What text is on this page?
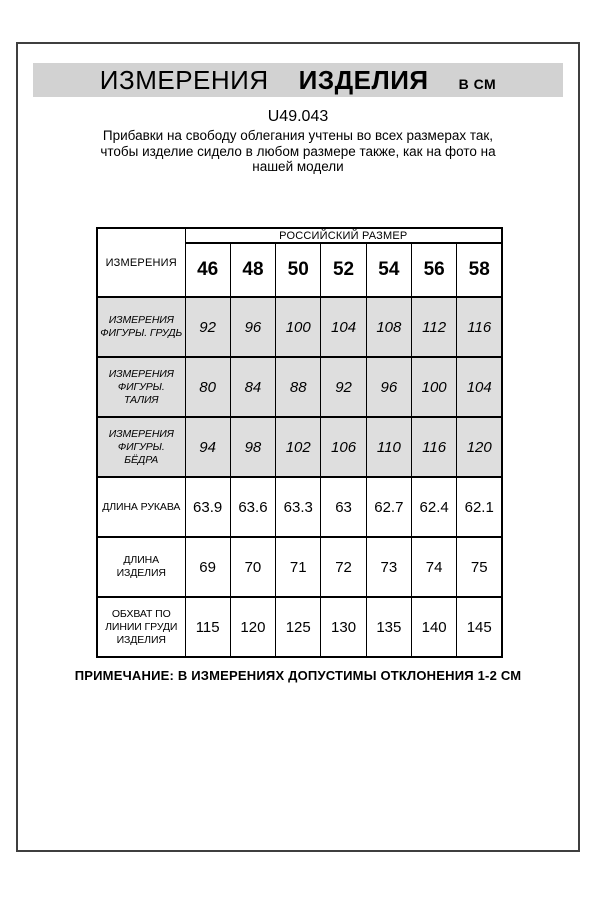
ИЗМЕРЕНИЯ ИЗДЕЛИЯ В СМ
U49.043
Прибавки на свободу облегания учтены во всех размерах так,
чтобы изделие сидело в любом размере также, как на фото на
нашей модели
ИЗМЕРЕНИЯ	РОССИЙСКИЙ РАЗМЕР						
	46	48	50	52	54	56	58
ИЗМЕРЕНИЯ ФИГУРЫ. ГРУДЬ	92	96	100	104	108	112	116
ИЗМЕРЕНИЯ ФИГУРЫ. ТАЛИЯ	80	84	88	92	96	100	104
ИЗМЕРЕНИЯ ФИГУРЫ. БЁДРА	94	98	102	106	110	116	120
ДЛИНА РУКАВА	63.9	63.6	63.3	63	62.7	62.4	62.1
ДЛИНА ИЗДЕЛИЯ	69	70	71	72	73	74	75
ОБХВАТ ПО ЛИНИИ ГРУДИ ИЗДЕЛИЯ	115	120	125	130	135	140	145
ПРИМЕЧАНИЕ: В ИЗМЕРЕНИЯХ ДОПУСТИМЫ ОТКЛОНЕНИЯ 1-2 СМ
